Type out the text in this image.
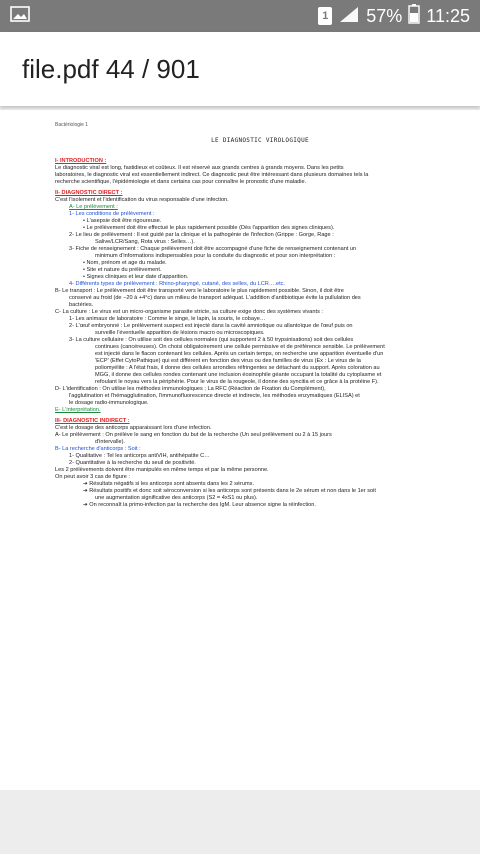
1 57% 11:25
file.pdf 44 / 901
Bactériologie 1
LE DIAGNOSTIC VIROLOGIQUE
I- INTRODUCTION :
Le diagnostic viral est long, fastidieux et coûteux. Il est réservé aux grands centres à grands moyens. Dans les petits
laboratoires, le diagnostic viral est essentiellement indirect. Ce diagnostic peut être intéressant dans plusieurs domaines tels la
recherche scientifique, l'épidémiologie et dans certains cas pour connaître le pronostic d'une maladie.
II- DIAGNOSTIC DIRECT :
C'est l'isolement et l'identification du virus responsable d'une infection.
A- Le prélèvement :
1- Les conditions de prélèvement :
• L'asepsie doit être rigoureuse.
• Le prélèvement doit être effectué le plus rapidement possible (Dès l'apparition des signes cliniques).
2- Le lieu de prélèvement : Il est guidé par la clinique et la pathogénie de l'infection (Grippe : Gorge, Rage :
Salive/LCR/Sang, Rota virus : Selles…).
3- Fiche de renseignement : Chaque prélèvement doit être accompagné d'une fiche de renseignement contenant un
minimum d'informations indispensables pour la conduite du diagnostic et pour son interprétation :
• Nom, prénom et age du malade.
• Site et nature du prélèvement.
• Signes cliniques et leur date d'apparition.
4- Différents types de prélèvement : Rhino-pharyngé, cutané, des selles, du LCR….etc.
B- Le transport : Le prélèvement doit être transporté vers le laboratoire le plus rapidement possible. Sinon, il doit être
conservé au froid (de −20 à +4°c) dans un milieu de transport adéquat. L'addition d'antibiotique évite la pullulation des
bactéries.
C- La culture : Le virus est un micro-organisme parasite stricte, sa culture exige donc des systèmes vivants :
1- Les animaux de laboratoire : Comme le singe, le lapin, la souris, le cobaye…
2- L'œuf embryonné : Le prélèvement suspect est injecté dans la cavité amniotique ou allantoïque de l'œuf puis on
surveille l'éventuelle apparition de lésions macro ou microscopiques.
3- La culture cellulaire : On utilise soit des cellules normales (qui supportent 2 à 50 trypsinisations) soit des cellules
continues (cancéreuses). On choisi obligatoirement une cellule permissive et de préférence sensible. Le prélèvement
est injecté dans le flacon contenant les cellules. Après un certain temps, on recherche une apparition éventuelle d'un
'ECP' (Effet CytoPathique) qui est différent en fonction des virus ou des familles de virus (Ex : Le virus de la
poliomyélite : A l'état frais, il donne des cellules arrondies réfringentes se détachant du support. Après coloration au
MGG, il donne des cellules rondes contenant une inclusion éosinophile géante occupant la totalité du cytoplasme et
refoulant le noyau vers la périphérie. Pour le virus de la rougeole, il donne des syncitia et ce grâce à la protéine F).
D- L'identification : On utilise les méthodes immunologiques ; La RFC (Réaction de Fixation du Complément),
l'agglutination et l'hémagglutination, l'immunofluorescence directe et indirecte, les méthodes enzymatiques (ELISA) et
le dosage radio-immunologique.
E- L'interprétation.
III- DIAGNOSTIC INDIRECT :
C'est le dosage des anticorps apparaissant lors d'une infection.
A- Le prélèvement : On prélève le sang en fonction du but de la recherche (Un seul prélèvement ou 2 à 15 jours
d'intervalle).
B- La recherche d'anticorps : Soit :
1- Qualitative : Tel les anticorps antiVIH, antihépatite C…
2- Quantitative à la recherche du seuil de positivité.
Les 2 prélèvements doivent être manipulés en même temps et par la même personne.
On peut avoir 3 cas de figure :
➔ Résultats négatifs si les anticorps sont absents dans les 2 sérums.
➔ Résultats positifs et donc soit séroconversion si les anticorps sont présents dans le 2e sérum et non dans le 1er soit
une augmentation significative des anticorps (S2 = 4xS1 ou plus).
➔ On reconnaît la primo-infection par la recherche des IgM. Leur absence signe la réinfection.
